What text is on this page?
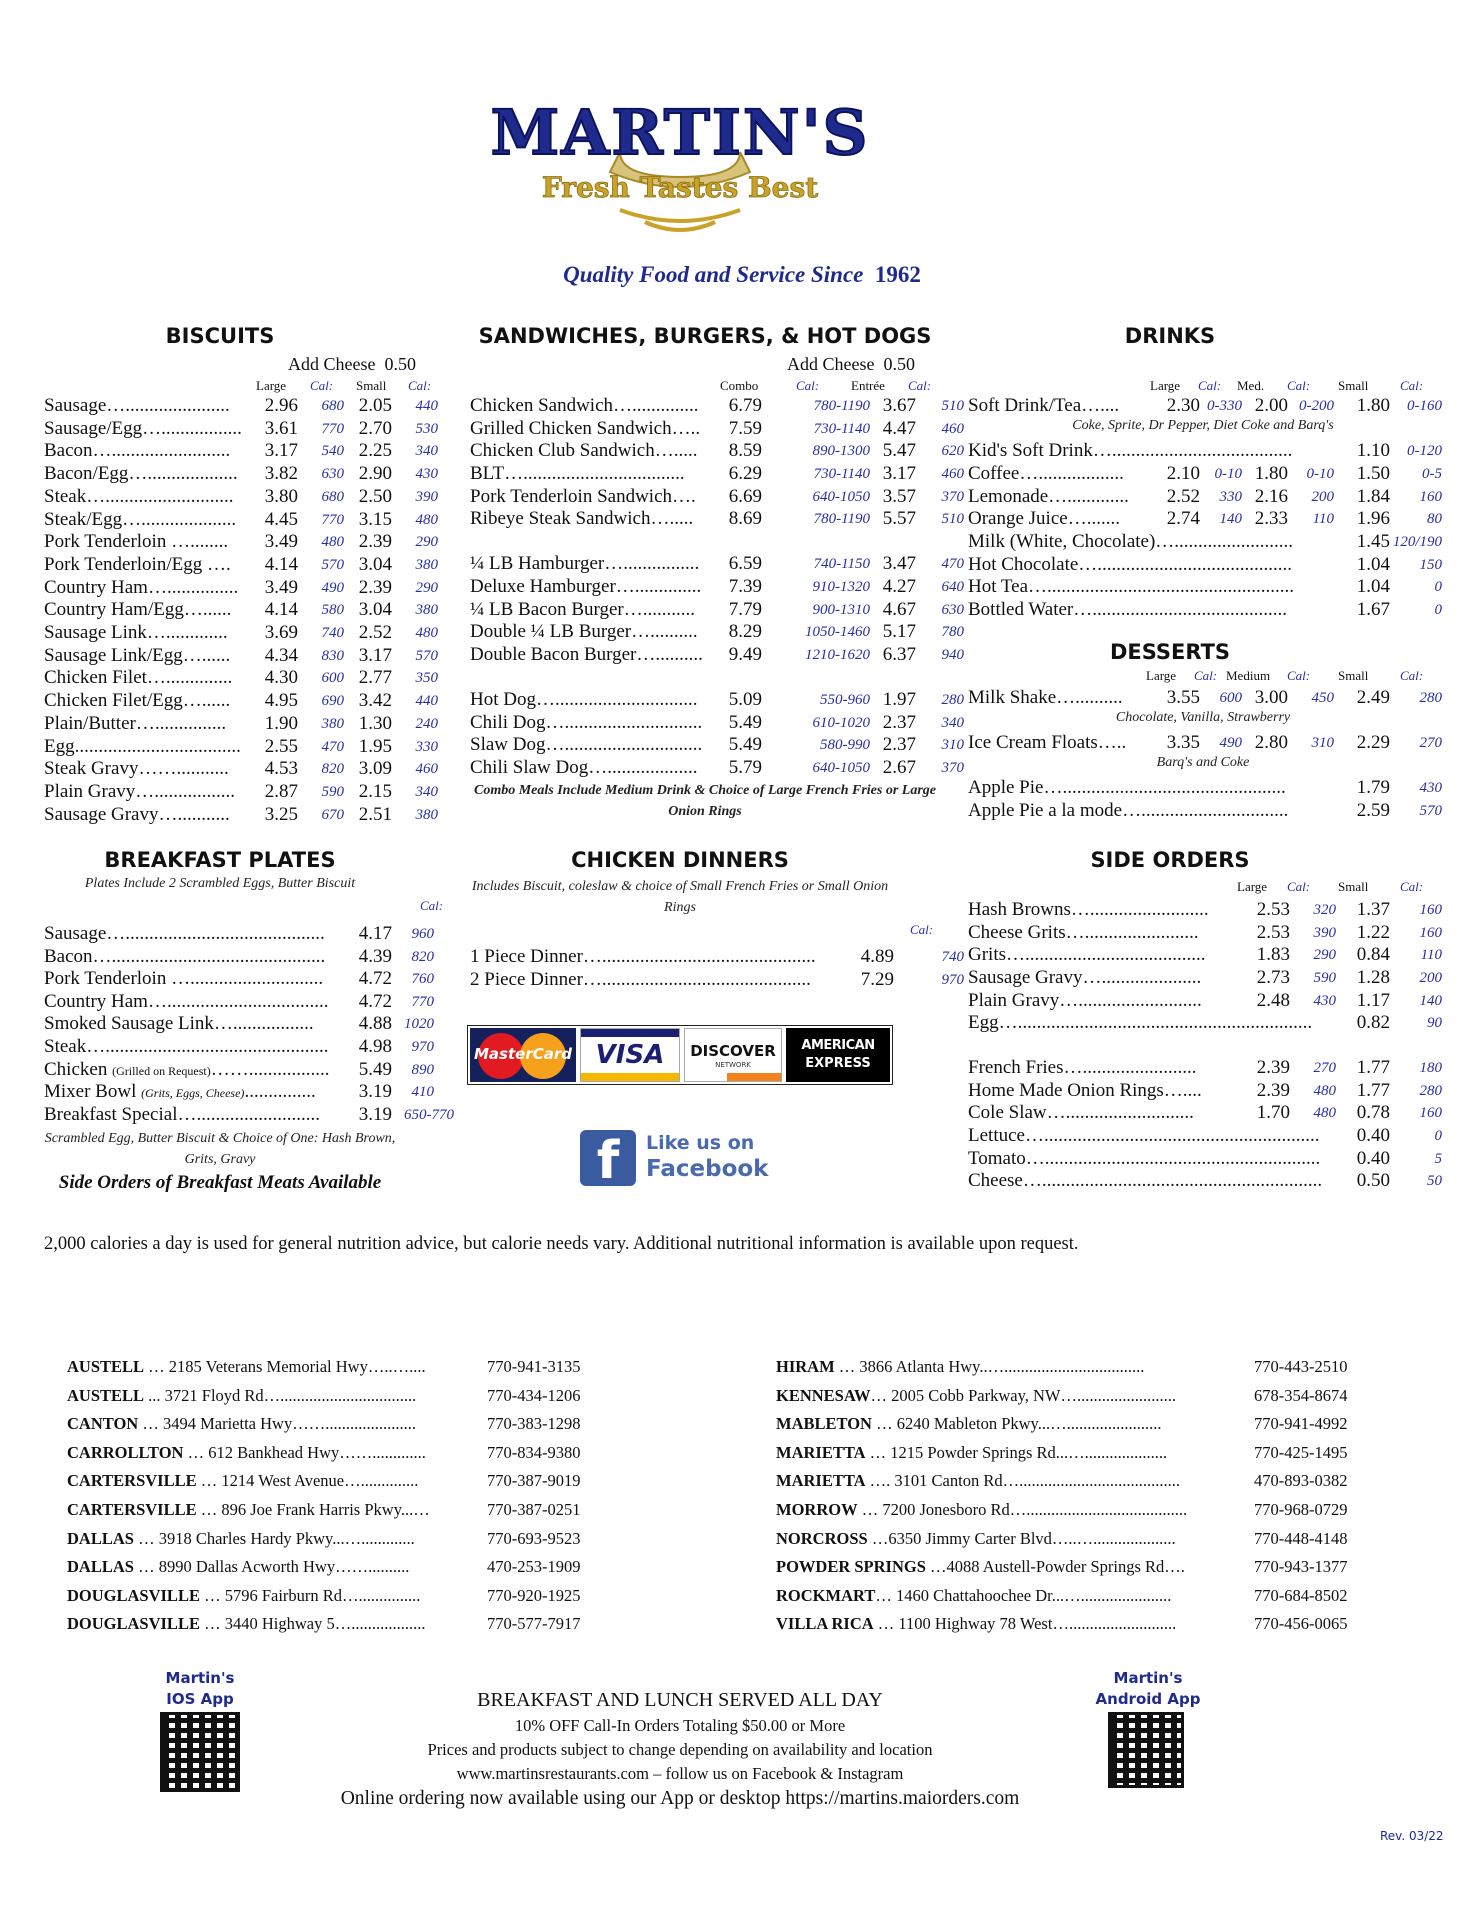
MARTIN'S
Fresh Tastes Best
Quality Food and Service Since 1962
BISCUITS
Add Cheese  0.50
Large Cal: Small Cal:
Sausage…......................	2.96	680 2.05	440
Sausage/Egg….................	3.61	770 2.70	530
Bacon….........................	3.17	540 2.25	340
Bacon/Egg…...................	3.82	630 2.90	430
Steak…...........................	3.80	680 2.50	390
Steak/Egg…....................	4.45	770 3.15	480
Pork Tenderloin …........	3.49	480 2.39	290
Pork Tenderloin/Egg ….	4.14	570 3.04	380
Country Ham…...............	3.49	490 2.39	290
Country Ham/Egg…......	4.14	580 3.04	380
Sausage Link….............	3.69	740 2.52	480
Sausage Link/Egg…......	4.34	830 3.17	570
Chicken Filet…..............	4.30	600 2.77	350
Chicken Filet/Egg…......	4.95	690 3.42	440
Plain/Butter…...............	1.90	380 1.30	240
Egg...................................	2.55	470 1.95	330
Steak Gravy……...........	4.53	820 3.09	460
Plain Gravy….................	2.87	590 2.15	340
Sausage Gravy…...........	3.25	670 2.51	380
SANDWICHES, BURGERS, & HOT DOGS
Add Cheese  0.50
Combo	Cal: Entrée Cal:
Chicken Sandwich…..............	6.79	780-1190 3.67	510
Grilled Chicken Sandwich…..	7.59	730-1140 4.47	460
Chicken Club Sandwich….....	8.59	890-1300 5.47	620
BLT…..................................	6.29	730-1140 3.17	460
Pork Tenderloin Sandwich….	6.69	640-1050 3.57	370
Ribeye Steak Sandwich….....	8.69	780-1190 5.57	510
¼ LB Hamburger…................	6.59	740-1150 3.47	470
Deluxe Hamburger…..............	7.39	910-1320 4.27	640
¼ LB Bacon Burger…...........	7.79	900-1310 4.67	630
Double ¼ LB Burger…..........	8.29	1050-1460 5.17	780
Double Bacon Burger…..........	9.49	1210-1620 6.37	940
Hot Dog…..............................	5.09	550-960 1.97	280
Chili Dog….............................	5.49	610-1020 2.37	340
Slaw Dog….............................	5.49	580-990 2.37	310
Chili Slaw Dog…...................	5.79	640-1050 2.67	370
Combo Meals Include Medium Drink & Choice of Large French Fries or Large Onion Rings
DRINKS
Large Cal: Med. Cal: Small Cal:
Soft Drink/Tea…....	2.30 0-330 2.00 0-200	1.80	0-160
Coke, Sprite, Dr Pepper, Diet Coke and Barq's
Kid's Soft Drink…......................................	1.10	0-120
Coffee…..................	2.10 0-10 1.80	0-10	1.50	0-5
Lemonade….............	2.52	330 2.16	200	1.84	160
Orange Juice….......	2.74	140 2.33	110	1.96	80
Milk (White, Chocolate)….........................	1.45 120/190
Hot Chocolate….........................................	1.04	150
Hot Tea…....................................................	1.04	0
Bottled Water….........................................	1.67	0
DESSERTS
Large Cal: Medium Cal: Small Cal:
Milk Shake…..........	3.55	600 3.00	450	2.49	280
Chocolate, Vanilla, Strawberry
Ice Cream Floats…..	3.35	490 2.80	310	2.29	270
Barq's and Coke
Apple Pie…...............................................	1.79	430
Apple Pie a la mode…...............................	2.59	570
BREAKFAST PLATES
Plates Include 2 Scrambled Eggs, Butter Biscuit
Cal:
Sausage…..........................................	4.17	960
Bacon….............................................	4.39	820
Pork Tenderloin …............................	4.72	760
Country Ham…..................................	4.72	770
Smoked Sausage Link….................	4.88 1020
Steak…...............................................	4.98	970
Chicken (Grilled on Request)…….................	5.49	890
Mixer Bowl (Grits, Eggs, Cheese)...............	3.19	410
Breakfast Special…..........................	3.19 650-770
Scrambled Egg, Butter Biscuit & Choice of One: Hash Brown, Grits, Gravy
Side Orders of Breakfast Meats Available
CHICKEN DINNERS
Includes Biscuit, coleslaw & choice of Small French Fries or Small Onion Rings
Cal:
1 Piece Dinner….............................................	4.89	740
2 Piece Dinner…............................................	7.29	970
MasterCard VISA	DISCOVER
NETWORK
AMERICAN
EXPRESS
f	Like us on
Facebook
SIDE ORDERS
Large Cal: Small Cal:
Hash Browns….........................	2.53	320	1.37	160
Cheese Grits…........................	2.53	390	1.22	160
Grits…......................................	1.83	290	0.84	110
Sausage Gravy….....................	2.73	590	1.28	200
Plain Gravy…..........................	2.48	430	1.17	140
Egg…..............................................................	0.82	90
French Fries…........................	2.39	270	1.77	180
Home Made Onion Rings…....	2.39	480	1.77	280
Cole Slaw…...........................	1.70	480	0.78	160
Lettuce…..........................................................	0.40	0
Tomato…..........................................................	0.40	5
Cheese…...........................................................	0.50	50
2,000 calories a day is used for general nutrition advice, but calorie needs vary. Additional nutritional information is available upon request.
AUSTELL … 2185 Veterans Memorial Hwy…..…....	770-941-3135
AUSTELL ... 3721 Floyd Rd….................................	770-434-1206
CANTON … 3494 Marietta Hwy……......................	770-383-1298
CARROLLTON … 612 Bankhead Hwy…….............	770-834-9380
CARTERSVILLE … 1214 West Avenue…..............	770-387-9019
CARTERSVILLE … 896 Joe Frank Harris Pkwy...…	770-387-0251
DALLAS … 3918 Charles Hardy Pkwy...….............	770-693-9523
DALLAS … 8990 Dallas Acworth Hwy……..........	470-253-1909
DOUGLASVILLE … 5796 Fairburn Rd…...............	770-920-1925
DOUGLASVILLE … 3440 Highway 5…..................	770-577-7917
HIRAM … 3866 Atlanta Hwy..…..................................	770-443-2510
KENNESAW… 2005 Cobb Parkway, NW…........................	678-354-8674
MABLETON … 6240 Mableton Pkwy...….......................	770-941-4992
MARIETTA … 1215 Powder Springs Rd...…....................	770-425-1495
MARIETTA …. 3101 Canton Rd….......................................	470-893-0382
MORROW … 7200 Jonesboro Rd….......................................	770-968-0729
NORCROSS …6350 Jimmy Carter Blvd…..…....................	770-448-4148
POWDER SPRINGS …4088 Austell-Powder Springs Rd….	770-943-1377
ROCKMART… 1460 Chattahoochee Dr...…......................	770-684-8502
VILLA RICA … 1100 Highway 78 West…..........................	770-456-0065
Martin's
IOS App
Martin's
Android App
BREAKFAST AND LUNCH SERVED ALL DAY
10% OFF Call-In Orders Totaling $50.00 or More
Prices and products subject to change depending on availability and location
www.martinsrestaurants.com – follow us on Facebook & Instagram
Online ordering now available using our App or desktop https://martins.maiorders.com
Rev. 03/22
